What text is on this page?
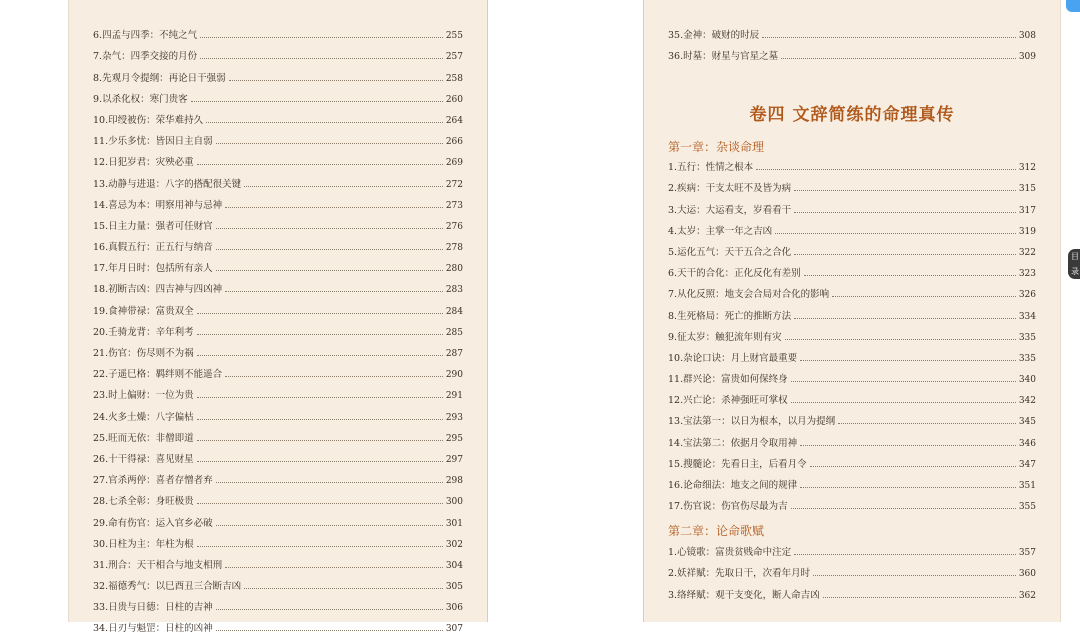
6.四孟与四季：不纯之气	255
7.杂气：四季交接的月份	257
8.先观月令提纲：再论日干强弱	258
9.以杀化权：寒门贵客	260
10.印绶被伤：荣华难持久	264
11.少乐多忧：皆因日主自弱	266
12.日犯岁君：灾殃必重	269
13.动静与进退：八字的搭配很关键	272
14.喜忌为本：明察用神与忌神	273
15.日主力量：强者可任财官	276
16.真假五行：正五行与纳音	278
17.年月日时：包括所有亲人	280
18.初断吉凶：四吉神与四凶神	283
19.食神带禄：富贵双全	284
20.壬骑龙背：辛年利考	285
21.伤官：伤尽则不为祸	287
22.子遥巳格：羁绊则不能遥合	290
23.时上偏财：一位为贵	291
24.火多土燥：八字偏枯	293
25.旺而无依：非僧即道	295
26.十干得禄：喜见财星	297
27.官杀两停：喜者存憎者弃	298
28.七杀全彰：身旺极贵	300
29.命有伤官：运入官乡必破	301
30.日柱为主：年柱为根	302
31.刑合：天干相合与地支相刑	304
32.福德秀气：以巳酉丑三合断吉凶	305
33.日贵与日德：日柱的吉神	306
34.日刃与魁罡：日柱的凶神	307
35.金神：破财的时辰	308
36.时墓：财星与官星之墓	309
卷四 文辞简练的命理真传
第一章：杂谈命理
1.五行：性情之根本	312
2.疾病：干支太旺不及皆为病	315
3.大运：大运看支，岁看看干	317
4.太岁：主掌一年之吉凶	319
5.运化五气：天干五合之合化	322
6.天干的合化：正化反化有差别	323
7.从化反照：地支会合局对合化的影响	326
8.生死格局：死亡的推断方法	334
9.征太岁：触犯流年则有灾	335
10.杂论口诀：月上财官最重要	335
11.群兴论：富贵如何保终身	340
12.兴亡论：杀神强旺可掌权	342
13.宝法第一：以日为根本，以月为提纲	345
14.宝法第二：依据月令取用神	346
15.搜髓论：先看日主，后看月令	347
16.论命细法：地支之间的规律	351
17.伤官说：伤官伤尽最为吉	355
第二章：论命歌赋
1.心镜歌：富贵贫贱命中注定	357
2.妖祥赋：先取日干，次看年月时	360
3.络绎赋：观干支变化，断人命吉凶	362
目录
